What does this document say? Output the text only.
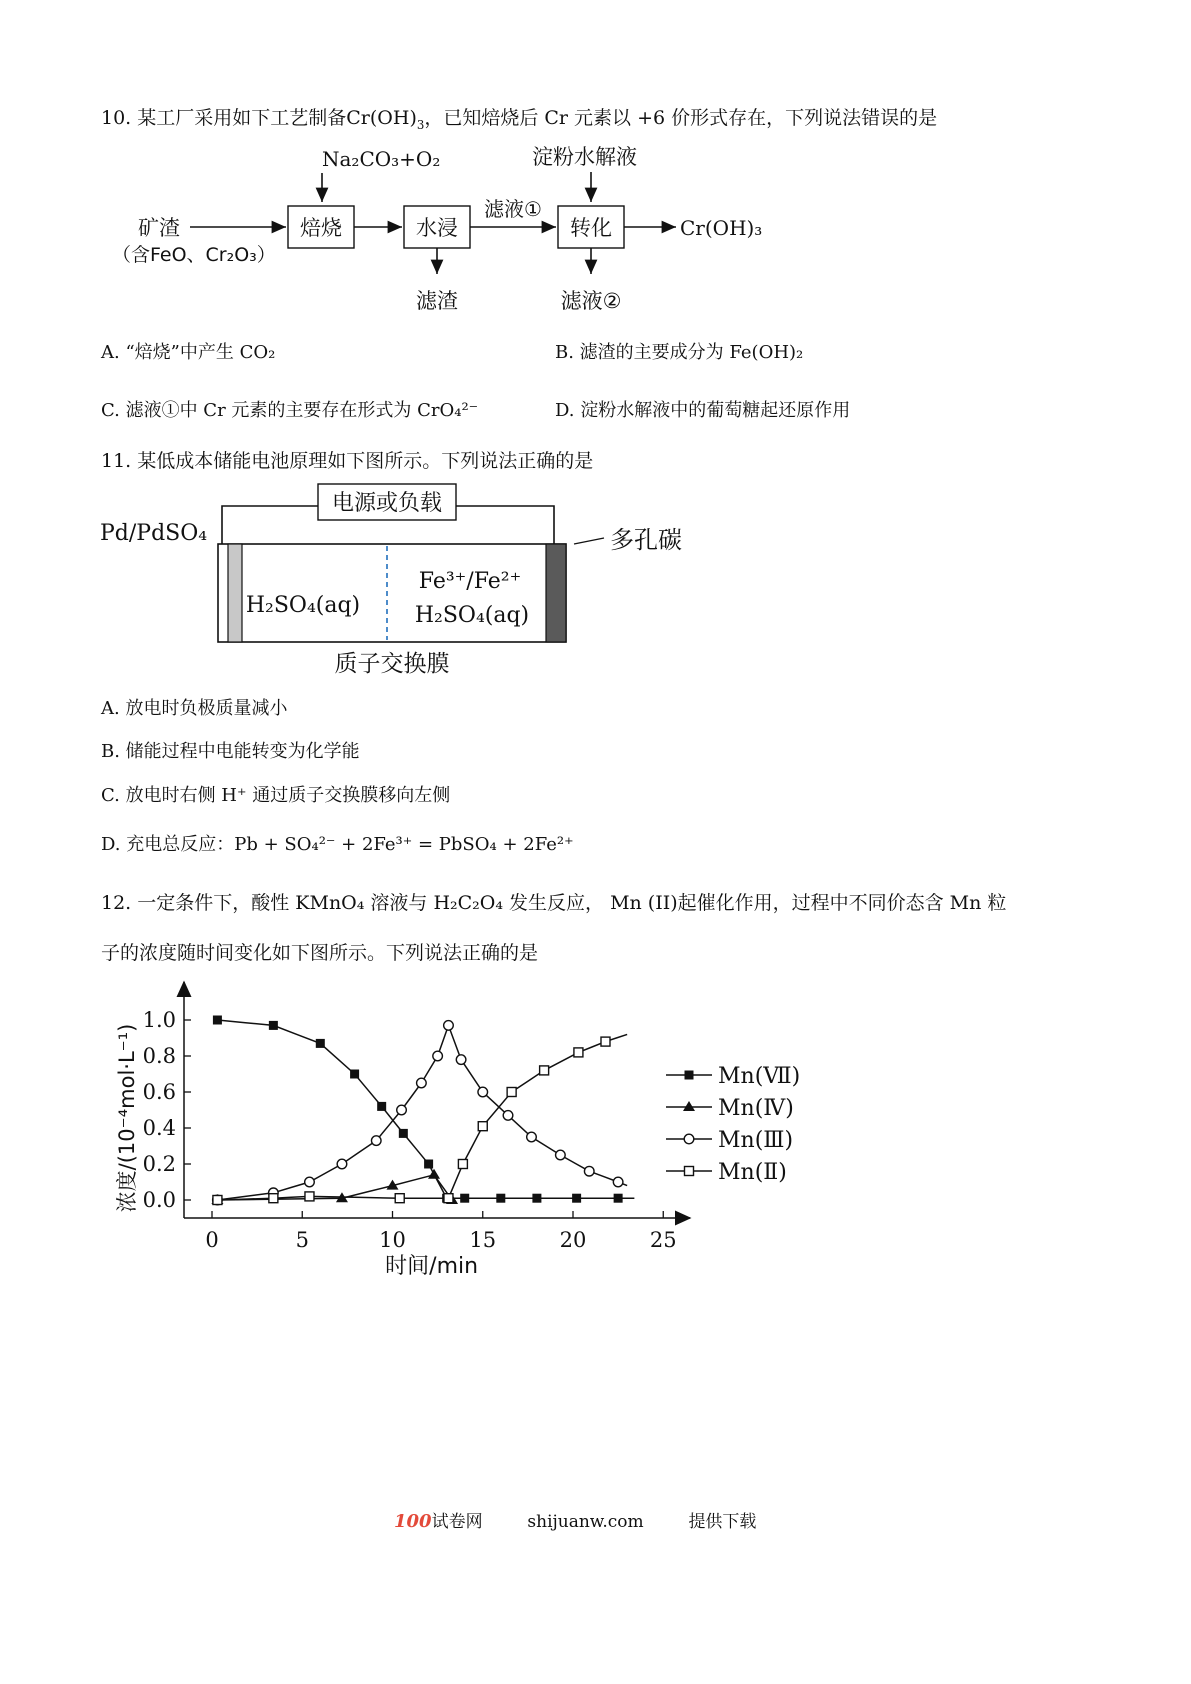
10. 某工厂采用如下工艺制备$Cr(OH)_3$，已知焙烧后 Cr 元素以 +6 价形式存在，下列说法错误的是
Na₂CO₃+O₂	淀粉水解液
矿渣
（含FeO、Cr₂O₃）
焙烧	水浸
滤液①
滤渣
转化	Cr(OH)₃
滤液②
A. “焙烧”中产生 CO₂	B. 滤渣的主要成分为 Fe(OH)₂
C. 滤液①中 Cr 元素的主要存在形式为 CrO₄²⁻	D. 淀粉水解液中的葡萄糖起还原作用
11. 某低成本储能电池原理如下图所示。下列说法正确的是
电源或负载
Pd/PdSO₄	多孔碳
H₂SO₄(aq)
Fe³⁺/Fe²⁺
H₂SO₄(aq)
质子交换膜
A. 放电时负极质量减小
B. 储能过程中电能转变为化学能
C. 放电时右侧 H⁺ 通过质子交换膜移向左侧
D. 充电总反应：Pb + SO₄²⁻ + 2Fe³⁺ = PbSO₄ + 2Fe²⁺
12. 一定条件下，酸性 KMnO₄ 溶液与 H₂C₂O₄ 发生反应， Mn (II)起催化作用，过程中不同价态含 Mn 粒
子的浓度随时间变化如下图所示。下列说法正确的是
0.0
0.2
0.4
0.6
0.8
1.0
0	5	10	15	20	25
时间/min
浓度/(10⁻⁴mol·L⁻¹)	Mn(Ⅶ)
Mn(Ⅳ)
Mn(Ⅲ)
Mn(Ⅱ)
100试卷网	shijuanw.com	提供下载
